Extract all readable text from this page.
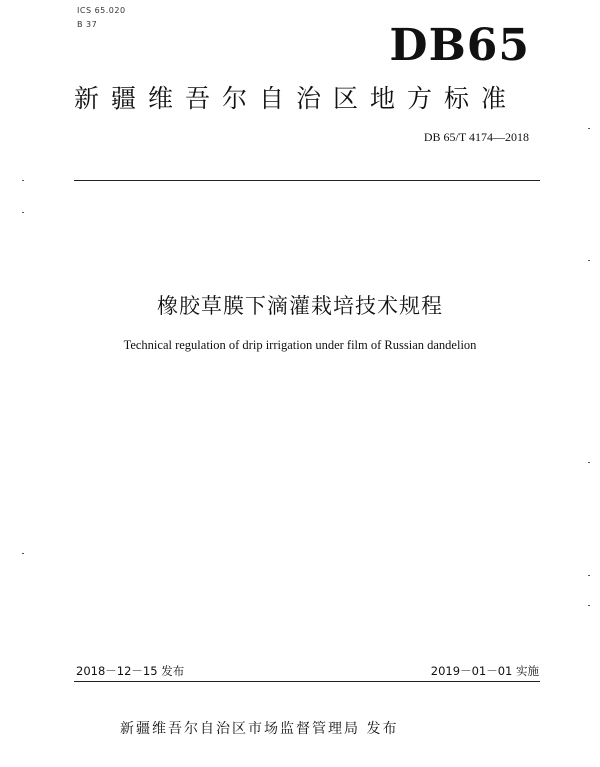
ICS 65.020
B 37	DB65
新疆维吾尔自治区地方标准
DB 65/T 4174—2018
橡胶草膜下滴灌栽培技术规程
Technical regulation of drip irrigation under film of Russian dandelion
2018－12－15 发布	2019－01－01 实施
新疆维吾尔自治区市场监督管理局 发布
